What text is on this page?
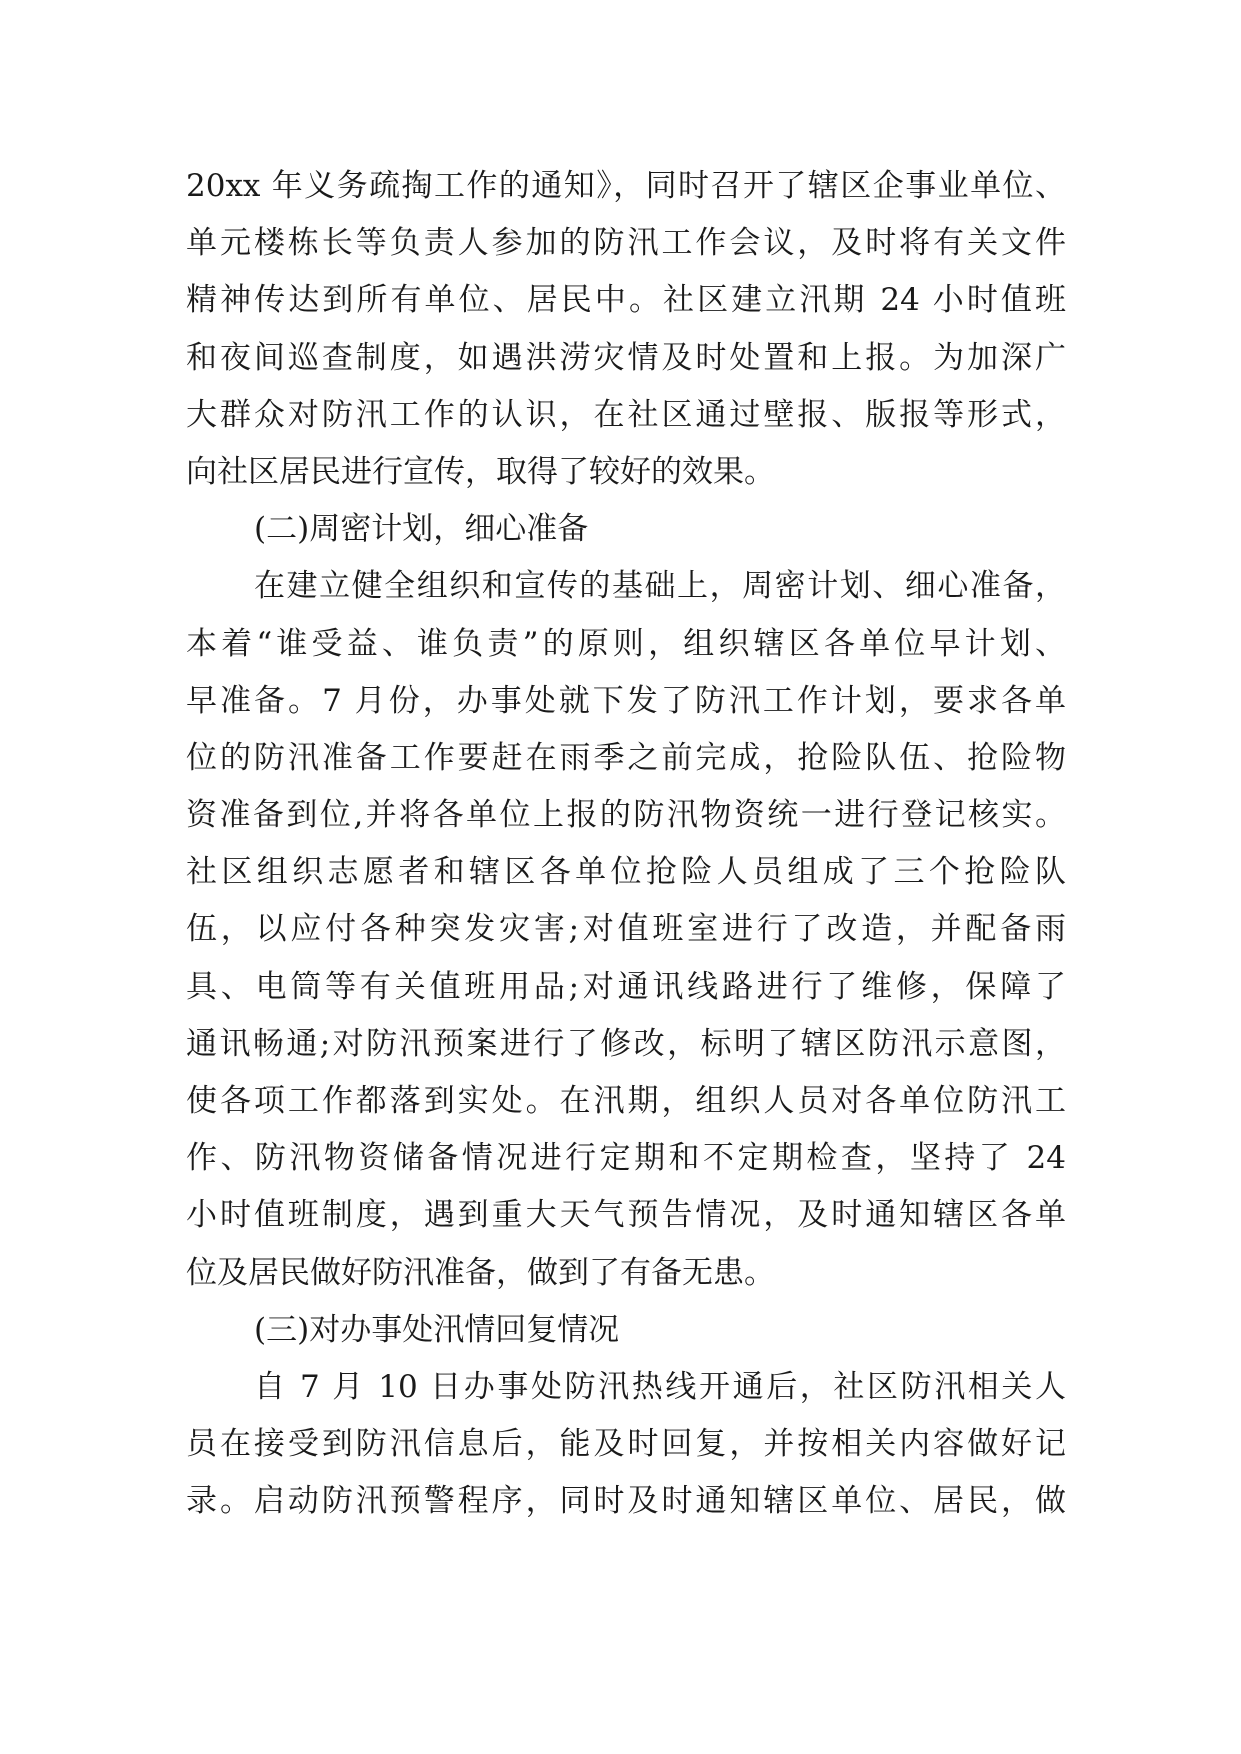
20xx 年义务疏掏工作的通知》，同时召开了辖区企事业单位、
单元楼栋长等负责人参加的防汛工作会议，及时将有关文件
精神传达到所有单位、居民中。社区建立汛期 24 小时值班
和夜间巡查制度，如遇洪涝灾情及时处置和上报。为加深广
大群众对防汛工作的认识，在社区通过壁报、版报等形式，
向社区居民进行宣传，取得了较好的效果。
(二)周密计划，细心准备
在建立健全组织和宣传的基础上，周密计划、细心准备，
本着“谁受益、谁负责”的原则，组织辖区各单位早计划、
早准备。7 月份，办事处就下发了防汛工作计划，要求各单
位的防汛准备工作要赶在雨季之前完成，抢险队伍、抢险物
资准备到位,并将各单位上报的防汛物资统一进行登记核实。
社区组织志愿者和辖区各单位抢险人员组成了三个抢险队
伍，以应付各种突发灾害;对值班室进行了改造，并配备雨
具、电筒等有关值班用品;对通讯线路进行了维修，保障了
通讯畅通;对防汛预案进行了修改，标明了辖区防汛示意图，
使各项工作都落到实处。在汛期，组织人员对各单位防汛工
作、防汛物资储备情况进行定期和不定期检查，坚持了 24
小时值班制度，遇到重大天气预告情况，及时通知辖区各单
位及居民做好防汛准备，做到了有备无患。
(三)对办事处汛情回复情况
自 7 月 10 日办事处防汛热线开通后，社区防汛相关人
员在接受到防汛信息后，能及时回复，并按相关内容做好记
录。启动防汛预警程序，同时及时通知辖区单位、居民，做
